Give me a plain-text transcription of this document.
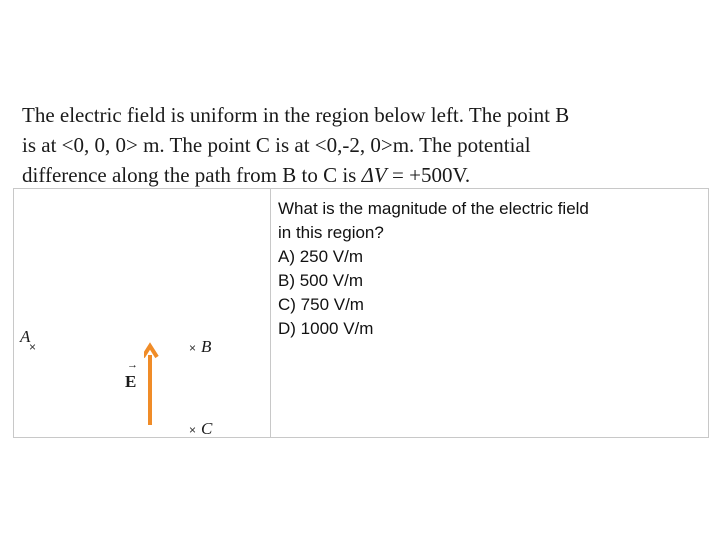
The electric field is uniform in the region below left. The point B
is at <0, 0, 0> m. The point C is at <0,-2, 0>m. The potential
difference along the path from B to C is ΔV = +500V.
A
×	× B
× C
→
E
What is the magnitude of the electric field
in this region?
A) 250 V/m
B) 500 V/m
C) 750 V/m
D) 1000 V/m
